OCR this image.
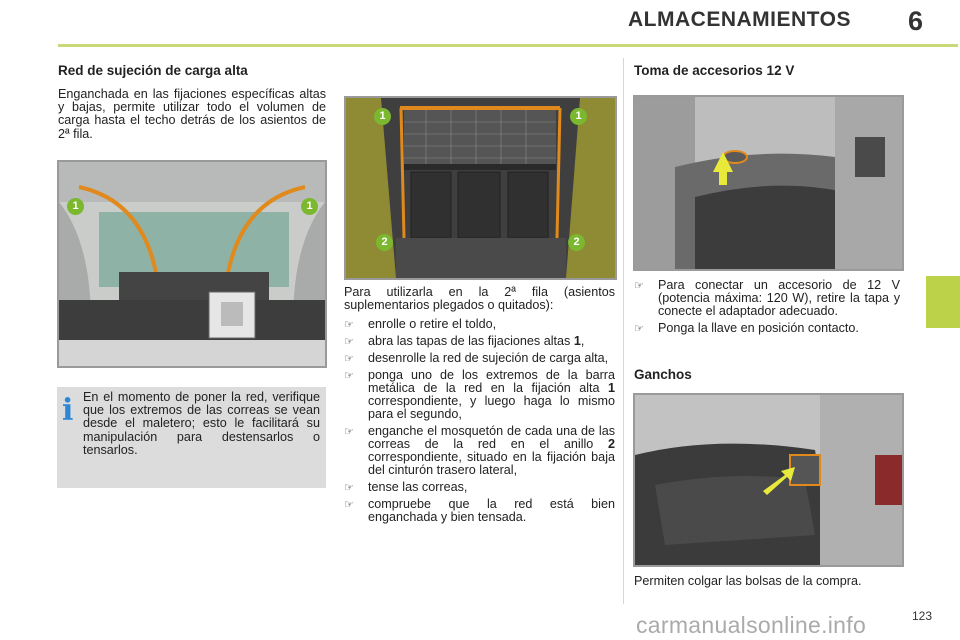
ALMACENAMIENTOS 6
Red de sujeción de carga alta
Enganchada en las fijaciones específicas altas y bajas, permite utilizar todo el volumen de carga hasta el techo detrás de los asientos de 2ª fila.
1	1
i En el momento de poner la red, verifique que los extremos de las correas se vean desde el maletero; esto le facilitará su manipulación para destensarlos o tensarlos.
1	1
2	2
Para utilizarla en la 2ª fila (asientos suplementarios plegados o quitados):
☞ enrolle o retire el toldo,
☞ abra las tapas de las fijaciones altas 1,
☞ desenrolle la red de sujeción de carga alta,
☞ ponga uno de los extremos de la barra metálica de la red en la fijación alta 1 correspondiente, y luego haga lo mismo para el segundo,
☞ enganche el mosquetón de cada una de las correas de la red en el anillo 2 correspondiente, situado en la fijación baja del cinturón trasero lateral,
☞ tense las correas,
☞ compruebe que la red está bien enganchada y bien tensada.
Toma de accesorios 12 V
☞ Para conectar un accesorio de 12 V (potencia máxima: 120 W), retire la tapa y conecte el adaptador adecuado.
☞ Ponga la llave en posición contacto.
Ganchos
Permiten colgar las bolsas de la compra.
carmanualsonline.info	123
